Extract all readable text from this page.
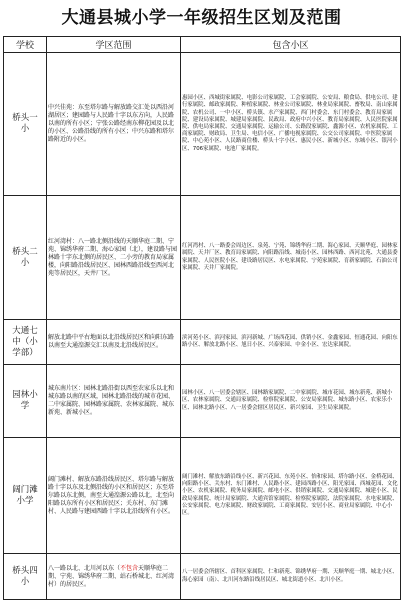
大通县城小学一年级招生区划及范围
学校	学区范围	包含小区
桥头一小	中兴佳苑：东至塔尔路与解放路交汇处以西沿河湖居区；建园路与人民路十字以东方向，人民路以南的所有小区；宁张公路经南东柳花园及以北的小区、公路沿线的所有小区；中兴东路和塔尔路附近的小区。	惠园小区、西城街家属院、电影公司家属院、工会家属院、公安局、粮食局、供电公司、建行家属院、邮政家属院、种植家属院、林业公司家属院、林业局家属院、畜牧局、南山家属院、农机公司、一中小区、桥头镇、水产家属院、西门村委会、东门村委会、教育局家属院、建设局家属院、城建局家属院、民政局、政府中兴小区、教育局家属院、人民医院家属院、供电局家属院、交通局家属院、运输公司、公路段家属院、鑫源小区、农机家属院、工商家属院、财政局、卫生局、电信小区、广播电视家属院、公交公司家属院、中医院家属院、中心苑小区、人民路商住楼、桥头十字小区、惠民小区、新城小区、东城小区、银河小区、706家属院、电池厂家属院。

桥头二小	红河湾村：八一路北侧沿线的天顺华庭二期、宁苑、锦绣华府二期、海心家园（北），建设路与园林路十字东北侧的居民区、二小旁的教育局家属楼，向阳路沿线居民区、园林西路沿线至西河北苑等居民区，天井厂区。	红河湾村、八一路委会周边区、泉苑、宁苑、锦绣华府二期、海心家园、天顺华庭、园林家属院、天井厂区、教育局家属院、向阳路沿线、城南小区、园林西路、西河北苑、大通县委家属院、人民医院小区、建设路居民区、水电家属院、宁苑家属院、育新家属院、石油公司家属院、天井厂家属院。

大通七中（小学部）	解放北路中平右地面以北沿线居民区和向阳东路以南至大通湟源交汇以南及北沿线居民区。	滨河苑小区、滨河家园、滨河新城、广场西花园、供销小区、金鑫家园、恒通花园、向阳东路小区、解放北路小区、旭日小区、兴泰家园、中金小区、宏达家属院。

园林小学	城东南片区：园林北路沿街以西至农家乐以北和城东路以南的区域，园林北路沿线的城市花园、二中家属院、园林路家属院、农林家属院、城东新苑、新城小区。	园林小区、八一居委会辖区、园林路家属院、二中家属院、城市花园、城东新苑、新城小区、农林家属院、交通局家属院、检察院家属院、公安局家属院、城东路小区、农家乐小区、园林北路小区、八一居委会辖区居民区、新兴家园、卫生局家属院。

阔门滩小学	阔门滩村、解放东路沿线居民区、塔尔路与解放路十字以东及北侧沿线的小区和居民区；东至塔尔路以东北侧，南至大通湟源公路以北，北至向阳路以东所有小区和居民区；关东村、东门滩村、人民路与建园西路十字以北沿线所有小区。	阔门滩村、解放东路沿线小区、新兴花园、东苑小区、怡和家园、塔尔路小区、金桥花园、向阳路小区、关东村、东门滩村、人民路小区、建园西路小区、阳光家园、西城花园、文化小区、农机家属院、税务局家属院、邮电小区、供销家属院、交通局家属院、城建小区、民政局家属院、统计局家属院、大通宾馆家属院、检察院家属院、法院家属院、水电家属院、公安家属院、电力家属院、财政家属院、工商家属院、安居小区、商业局家属院、中心小区。

桥头四小	八一路以北、北川河以东（不包含天顺华庭二期、宁苑、锦绣华府二期、站石桥城北、红河湾村）的居民区。	八一居委会所辖区、首科区家属院、仁和新苑、锦绣华府一期、天顺华庭一期、城北小区、海心家园（南）、北川河东路沿线居民区、城北街道小区、北川小区。
